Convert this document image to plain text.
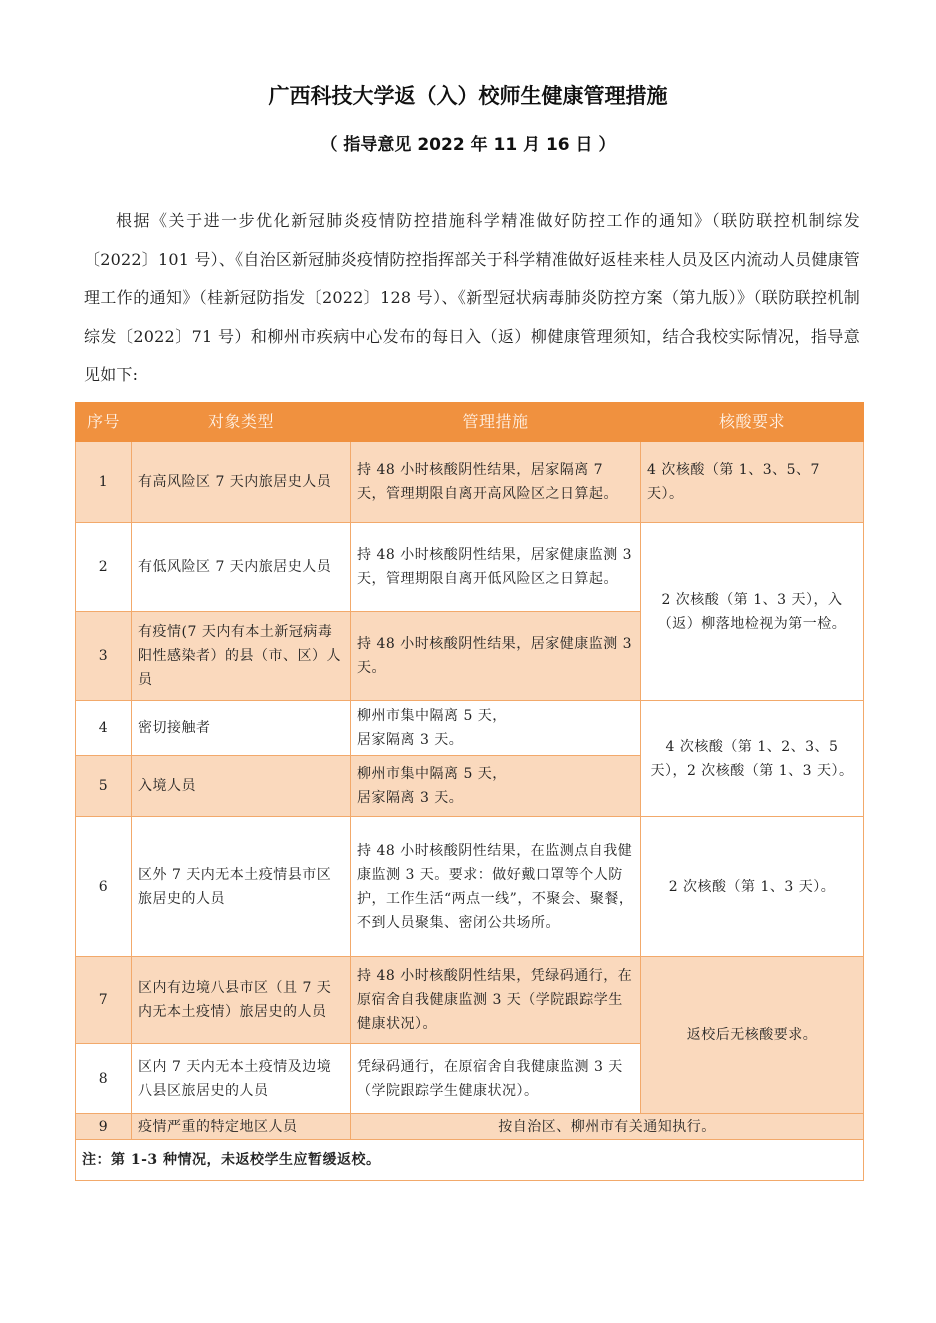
广西科技大学返（入）校师生健康管理措施
（ 指导意见 2022 年 11 月 16 日 ）
根据《关于进一步优化新冠肺炎疫情防控措施科学精准做好防控工作的通知》（联防联控机制综发〔2022〕101 号）、《自治区新冠肺炎疫情防控指挥部关于科学精准做好返桂来桂人员及区内流动人员健康管理工作的通知》（桂新冠防指发〔2022〕128 号）、《新型冠状病毒肺炎防控方案（第九版）》（联防联控机制综发〔2022〕71 号）和柳州市疾病中心发布的每日入（返）柳健康管理须知，结合我校实际情况，指导意见如下:
序号	对象类型	管理措施	核酸要求
1	有高风险区 7 天内旅居史人员	持 48 小时核酸阴性结果，居家隔离 7 天，管理期限自离开高风险区之日算起。	4 次核酸（第 1、3、5、7 天）。
2	有低风险区 7 天内旅居史人员	持 48 小时核酸阴性结果，居家健康监测 3 天，管理期限自离开低风险区之日算起。	2 次核酸（第 1、3 天），入（返）柳落地检视为第一检。
3	有疫情(7 天内有本土新冠病毒阳性感染者）的县（市、区）人员	持 48 小时核酸阴性结果，居家健康监测 3 天。	
4	密切接触者	柳州市集中隔离 5 天，
居家隔离 3 天。	4 次核酸（第 1、2、3、5 天），2 次核酸（第 1、3 天）。
5	入境人员	柳州市集中隔离 5 天，
居家隔离 3 天。	

6	区外 7 天内无本土疫情县市区旅居史的人员	持 48 小时核酸阴性结果，在监测点自我健康监测 3 天。要求：做好戴口罩等个人防护，工作生活“两点一线”，不聚会、聚餐，不到人员聚集、密闭公共场所。	2 次核酸（第 1、3 天）。
7	区内有边境八县市区（且 7 天内无本土疫情）旅居史的人员	持 48 小时核酸阴性结果，凭绿码通行，在原宿舍自我健康监测 3 天（学院跟踪学生健康状况）。	返校后无核酸要求。
8	区内 7 天内无本土疫情及边境八县区旅居史的人员	凭绿码通行，在原宿舍自我健康监测 3 天（学院跟踪学生健康状况）。	
9	疫情严重的特定地区人员	按自治区、柳州市有关通知执行。	
注：第 1-3 种情况，未返校学生应暂缓返校。			
